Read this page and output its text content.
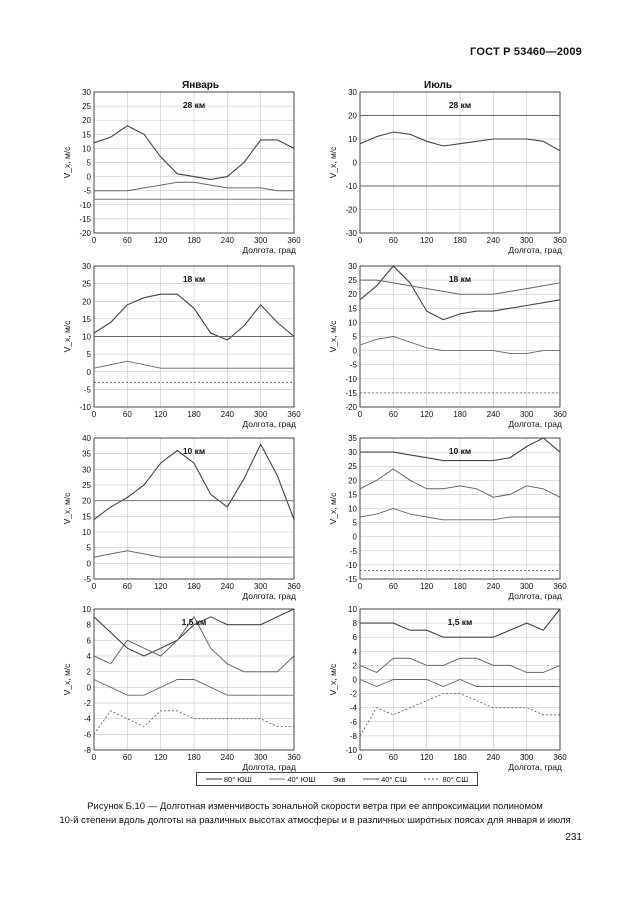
ГОСТ Р 53460—2009
Январь	Июль
0	60	120 180 240 300 360
-20
-15
-10
-5
0
5
10
15
20
25
30
28 км
V_x, м/с
Долгота, град
0	60	120 180 240 300 360
-30
-20
-10
0
10
20
30
28 км
V_x, м/с
Долгота, град
0	60	120 180 240 300 360
-10
-5
0
5
10
15
20
25
30
18 км
V_x, м/с
Долгота, град
0	60	120 180 240 300 360
-20
-15
-10
-5
0
5
10
15
20
25
30
18 км
V_x, м/с
Долгота, град
0	60	120 180 240 300 360
-5
0
5
10
15
20
25
30
35
40
10 км
V_x, м/с
Долгота, град
0	60	120 180 240 300 360
-15
-10
-5
0
5
10
15
20
25
30
35
10 км
V_x, м/с
Долгота, град
0	60	120 180 240 300 360
-8
-6
-4
-2
0
2
4
6
8
10
1,5 км
V_x, м/с
Долгота, град
0	60	120 180 240 300 360
-10
-8
-6
-4
-2
0
2
4
6
8
10
1,5 км
V_x, м/с
Долгота, град
80° ЮШ	40° ЮШ Экв	40° СШ	80° СШ
Рисунок Б.10 — Долготная изменчивость зональной скорости ветра при ее аппроксимации полиномом
10-й степени вдоль долготы на различных высотах атмосферы и в различных широтных поясах для января и июля
231
